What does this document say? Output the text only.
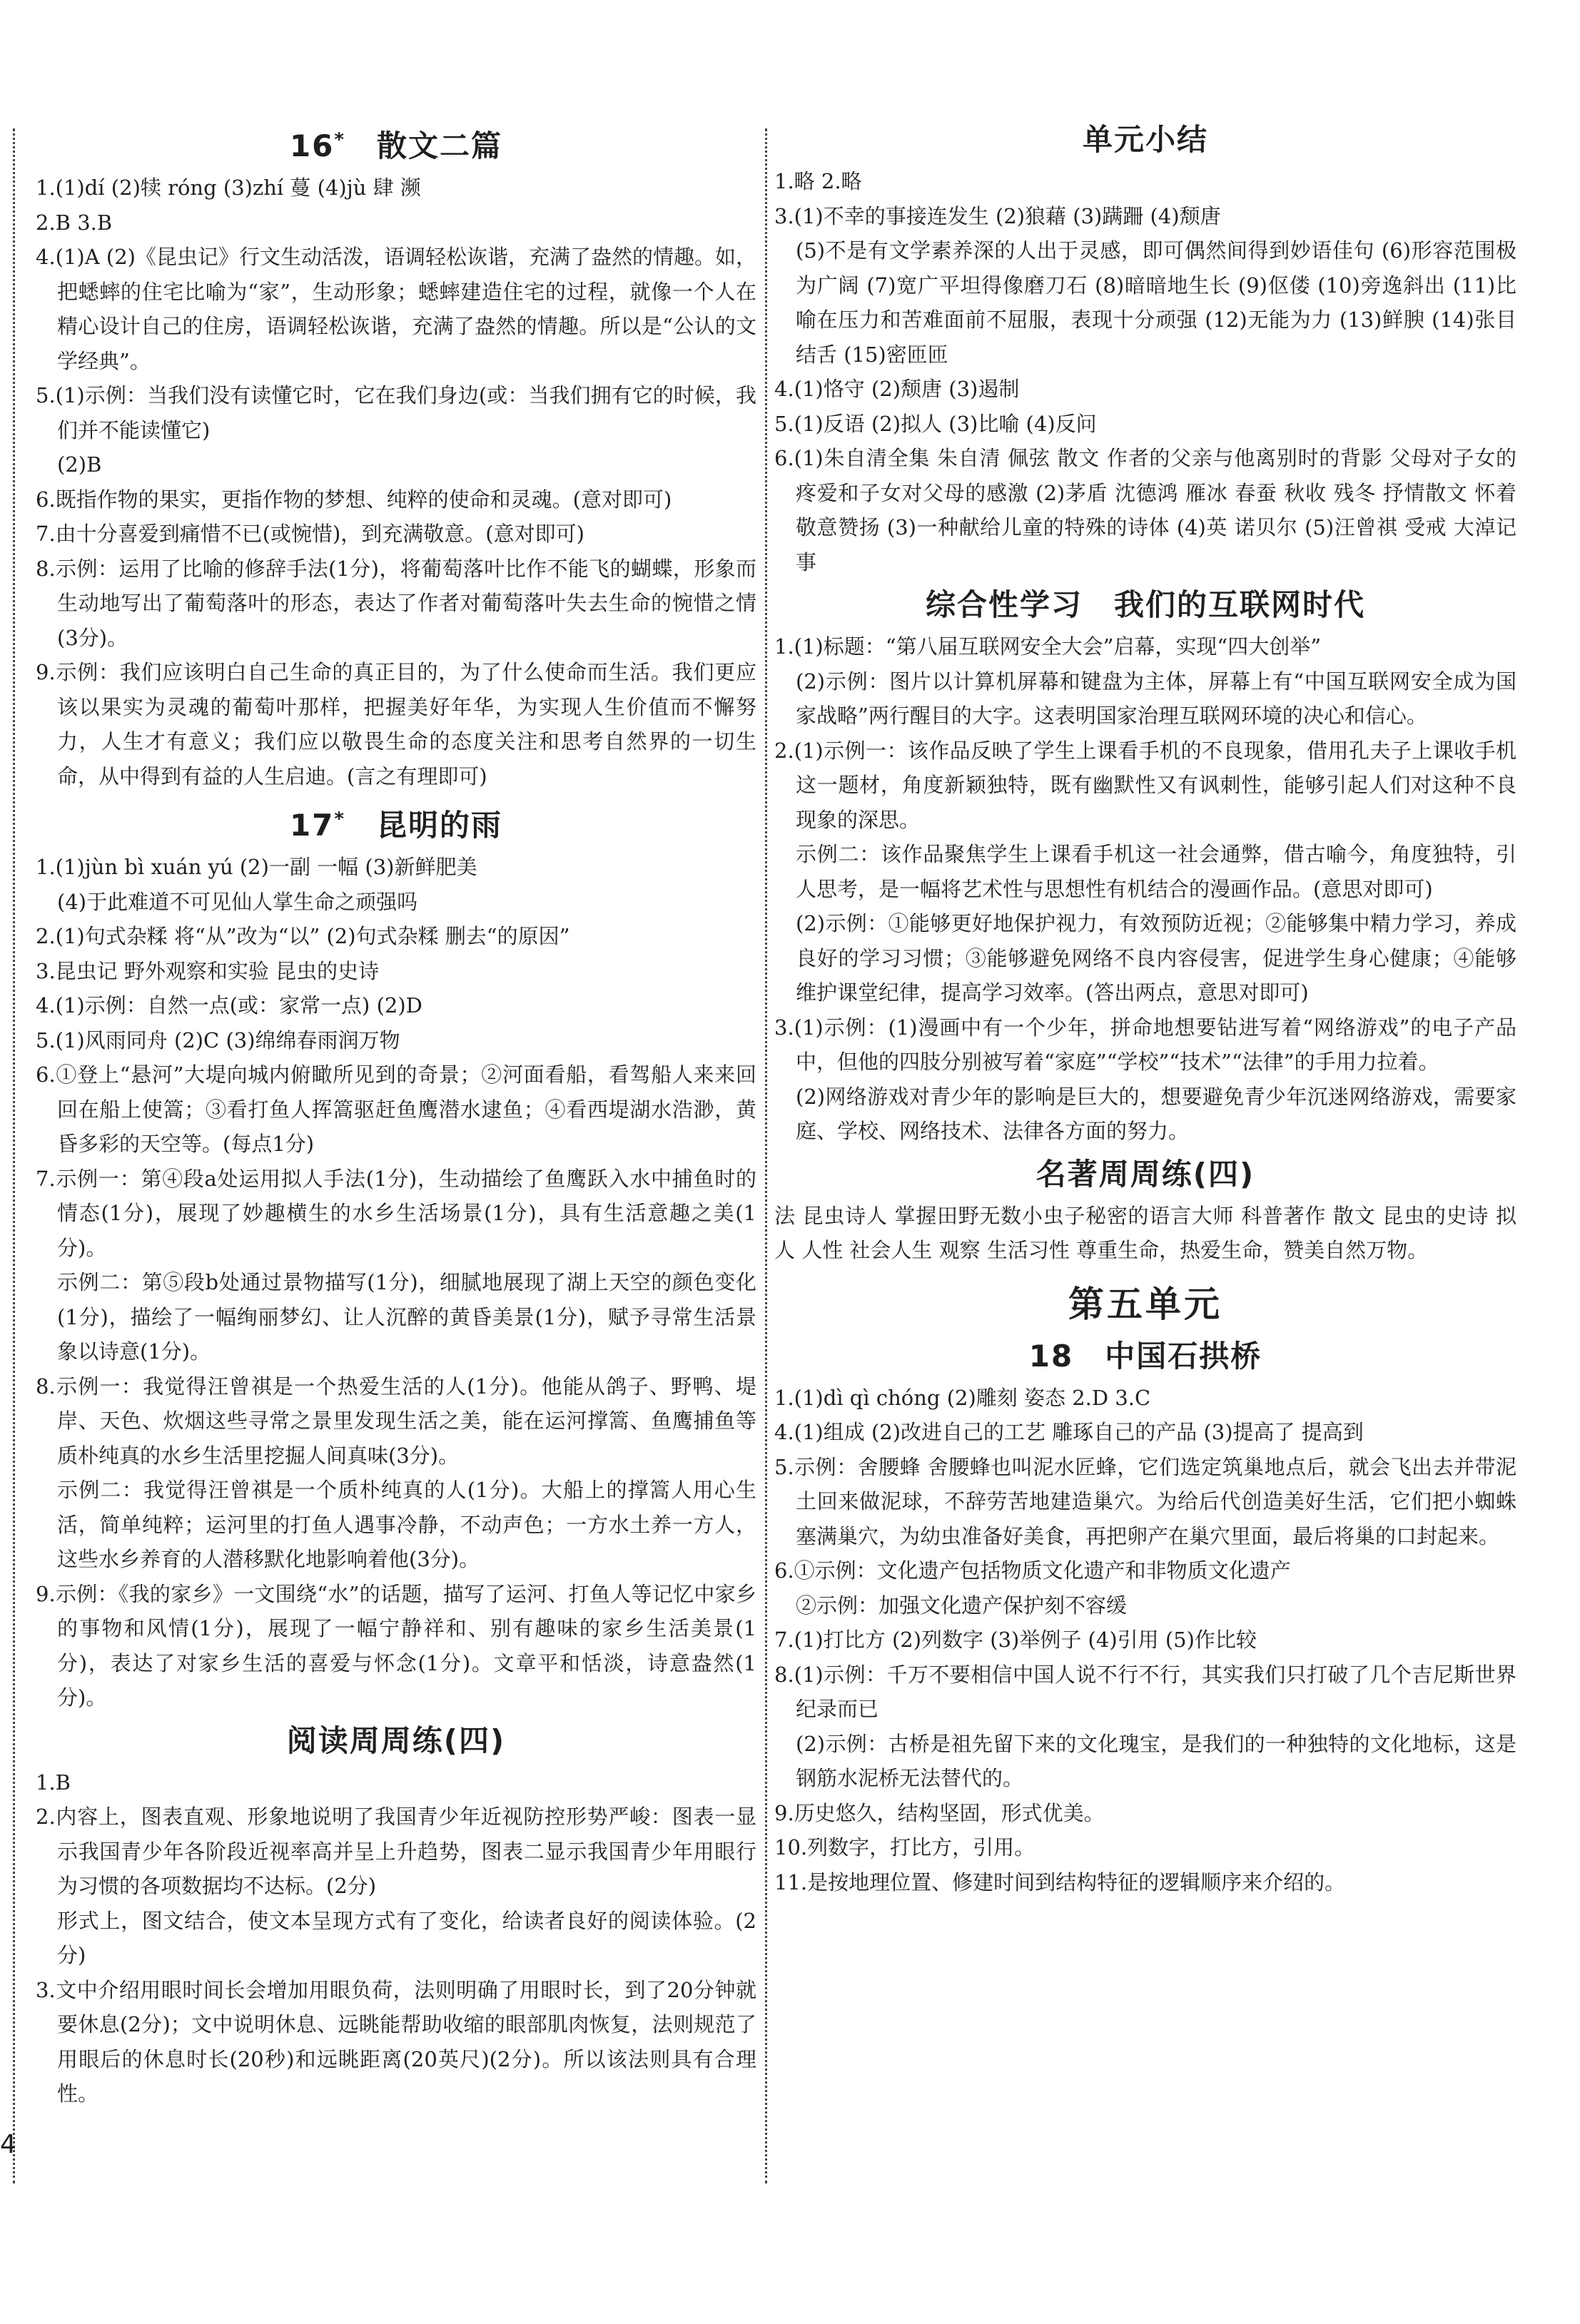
16*　 散文二篇
1.(1)dí (2)犊 róng (3)zhí 蔓 (4)jù 肆 濒
2.B 3.B
4.(1)A (2)《昆虫记》行文生动活泼，语调轻松诙谐，充满了盎然的情趣。如，把蟋蟀的住宅比喻为“家”，生动形象；蟋蟀建造住宅的过程，就像一个人在精心设计自己的住房，语调轻松诙谐，充满了盎然的情趣。所以是“公认的文学经典”。
5.(1)示例：当我们没有读懂它时，它在我们身边(或：当我们拥有它的时候，我们并不能读懂它)
(2)B
6.既指作物的果实，更指作物的梦想、纯粹的使命和灵魂。(意对即可)
7.由十分喜爱到痛惜不已(或惋惜)，到充满敬意。(意对即可)
8.示例：运用了比喻的修辞手法(1分)，将葡萄落叶比作不能飞的蝴蝶，形象而生动地写出了葡萄落叶的形态，表达了作者对葡萄落叶失去生命的惋惜之情(3分)。
9.示例：我们应该明白自己生命的真正目的，为了什么使命而生活。我们更应该以果实为灵魂的葡萄叶那样，把握美好年华，为实现人生价值而不懈努力，人生才有意义；我们应以敬畏生命的态度关注和思考自然界的一切生命，从中得到有益的人生启迪。(言之有理即可)
17*　 昆明的雨
1.(1)jùn bì xuán yú (2)一副 一幅 (3)新鲜肥美
(4)于此难道不可见仙人掌生命之顽强吗
2.(1)句式杂糅 将“从”改为“以” (2)句式杂糅 删去“的原因”
3.昆虫记 野外观察和实验 昆虫的史诗
4.(1)示例：自然一点(或：家常一点) (2)D
5.(1)风雨同舟 (2)C (3)绵绵春雨润万物
6.①登上“悬河”大堤向城内俯瞰所见到的奇景；②河面看船，看驾船人来来回回在船上使篙；③看打鱼人挥篙驱赶鱼鹰潜水逮鱼；④看西堤湖水浩渺，黄昏多彩的天空等。(每点1分)
7.示例一：第④段a处运用拟人手法(1分)，生动描绘了鱼鹰跃入水中捕鱼时的情态(1分)，展现了妙趣横生的水乡生活场景(1分)，具有生活意趣之美(1分)。
示例二：第⑤段b处通过景物描写(1分)，细腻地展现了湖上天空的颜色变化(1分)，描绘了一幅绚丽梦幻、让人沉醉的黄昏美景(1分)，赋予寻常生活景象以诗意(1分)。
8.示例一：我觉得汪曾祺是一个热爱生活的人(1分)。他能从鸽子、野鸭、堤岸、天色、炊烟这些寻常之景里发现生活之美，能在运河撑篙、鱼鹰捕鱼等质朴纯真的水乡生活里挖掘人间真味(3分)。
示例二：我觉得汪曾祺是一个质朴纯真的人(1分)。大船上的撑篙人用心生活，简单纯粹；运河里的打鱼人遇事冷静，不动声色；一方水土养一方人，这些水乡养育的人潜移默化地影响着他(3分)。
9.示例：《我的家乡》一文围绕“水”的话题，描写了运河、打鱼人等记忆中家乡的事物和风情(1分)，展现了一幅宁静祥和、别有趣味的家乡生活美景(1分)，表达了对家乡生活的喜爱与怀念(1分)。文章平和恬淡，诗意盎然(1分)。
阅读周周练(四)
1.B
2.内容上，图表直观、形象地说明了我国青少年近视防控形势严峻：图表一显示我国青少年各阶段近视率高并呈上升趋势，图表二显示我国青少年用眼行为习惯的各项数据均不达标。(2分)
形式上，图文结合，使文本呈现方式有了变化，给读者良好的阅读体验。(2分)
3.文中介绍用眼时间长会增加用眼负荷，法则明确了用眼时长，到了20分钟就要休息(2分)；文中说明休息、远眺能帮助收缩的眼部肌肉恢复，法则规范了用眼后的休息时长(20秒)和远眺距离(20英尺)(2分)。所以该法则具有合理性。
单元小结
1.略 2.略
3.(1)不幸的事接连发生 (2)狼藉 (3)蹒跚 (4)颓唐
(5)不是有文学素养深的人出于灵感，即可偶然间得到妙语佳句 (6)形容范围极为广阔 (7)宽广平坦得像磨刀石 (8)暗暗地生长 (9)伛偻 (10)旁逸斜出 (11)比喻在压力和苦难面前不屈服，表现十分顽强 (12)无能为力 (13)鲜腴 (14)张目结舌 (15)密匝匝
4.(1)恪守 (2)颓唐 (3)遏制
5.(1)反语 (2)拟人 (3)比喻 (4)反问
6.(1)朱自清全集 朱自清 佩弦 散文 作者的父亲与他离别时的背影 父母对子女的疼爱和子女对父母的感激 (2)茅盾 沈德鸿 雁冰 春蚕 秋收 残冬 抒情散文 怀着敬意赞扬 (3)一种献给儿童的特殊的诗体 (4)英 诺贝尔 (5)汪曾祺 受戒 大淖记事
综合性学习　我们的互联网时代
1.(1)标题：“第八届互联网安全大会”启幕，实现“四大创举”
(2)示例：图片以计算机屏幕和键盘为主体，屏幕上有“中国互联网安全成为国家战略”两行醒目的大字。这表明国家治理互联网环境的决心和信心。
2.(1)示例一：该作品反映了学生上课看手机的不良现象，借用孔夫子上课收手机这一题材，角度新颖独特，既有幽默性又有讽刺性，能够引起人们对这种不良现象的深思。
示例二：该作品聚焦学生上课看手机这一社会通弊，借古喻今，角度独特，引人思考，是一幅将艺术性与思想性有机结合的漫画作品。(意思对即可)
(2)示例：①能够更好地保护视力，有效预防近视；②能够集中精力学习，养成良好的学习习惯；③能够避免网络不良内容侵害，促进学生身心健康；④能够维护课堂纪律，提高学习效率。(答出两点，意思对即可)
3.(1)示例：(1)漫画中有一个少年，拼命地想要钻进写着“网络游戏”的电子产品中，但他的四肢分别被写着“家庭”“学校”“技术”“法律”的手用力拉着。
(2)网络游戏对青少年的影响是巨大的，想要避免青少年沉迷网络游戏，需要家庭、学校、网络技术、法律各方面的努力。
名著周周练(四)
法 昆虫诗人 掌握田野无数小虫子秘密的语言大师 科普著作 散文 昆虫的史诗 拟人 人性 社会人生 观察 生活习性 尊重生命，热爱生命，赞美自然万物。
第五单元
18　中国石拱桥
1.(1)dì qì chóng (2)雕刻 姿态 2.D 3.C
4.(1)组成 (2)改进自己的工艺 雕琢自己的产品 (3)提高了 提高到
5.示例：舍腰蜂 舍腰蜂也叫泥水匠蜂，它们选定筑巢地点后，就会飞出去并带泥土回来做泥球，不辞劳苦地建造巢穴。为给后代创造美好生活，它们把小蜘蛛塞满巢穴，为幼虫准备好美食，再把卵产在巢穴里面，最后将巢的口封起来。
6.①示例：文化遗产包括物质文化遗产和非物质文化遗产
②示例：加强文化遗产保护刻不容缓
7.(1)打比方 (2)列数字 (3)举例子 (4)引用 (5)作比较
8.(1)示例：千万不要相信中国人说不行不行，其实我们只打破了几个吉尼斯世界纪录而已
(2)示例：古桥是祖先留下来的文化瑰宝，是我们的一种独特的文化地标，这是钢筋水泥桥无法替代的。
9.历史悠久，结构坚固，形式优美。
10.列数字，打比方，引用。
11.是按地理位置、修建时间到结构特征的逻辑顺序来介绍的。
4
